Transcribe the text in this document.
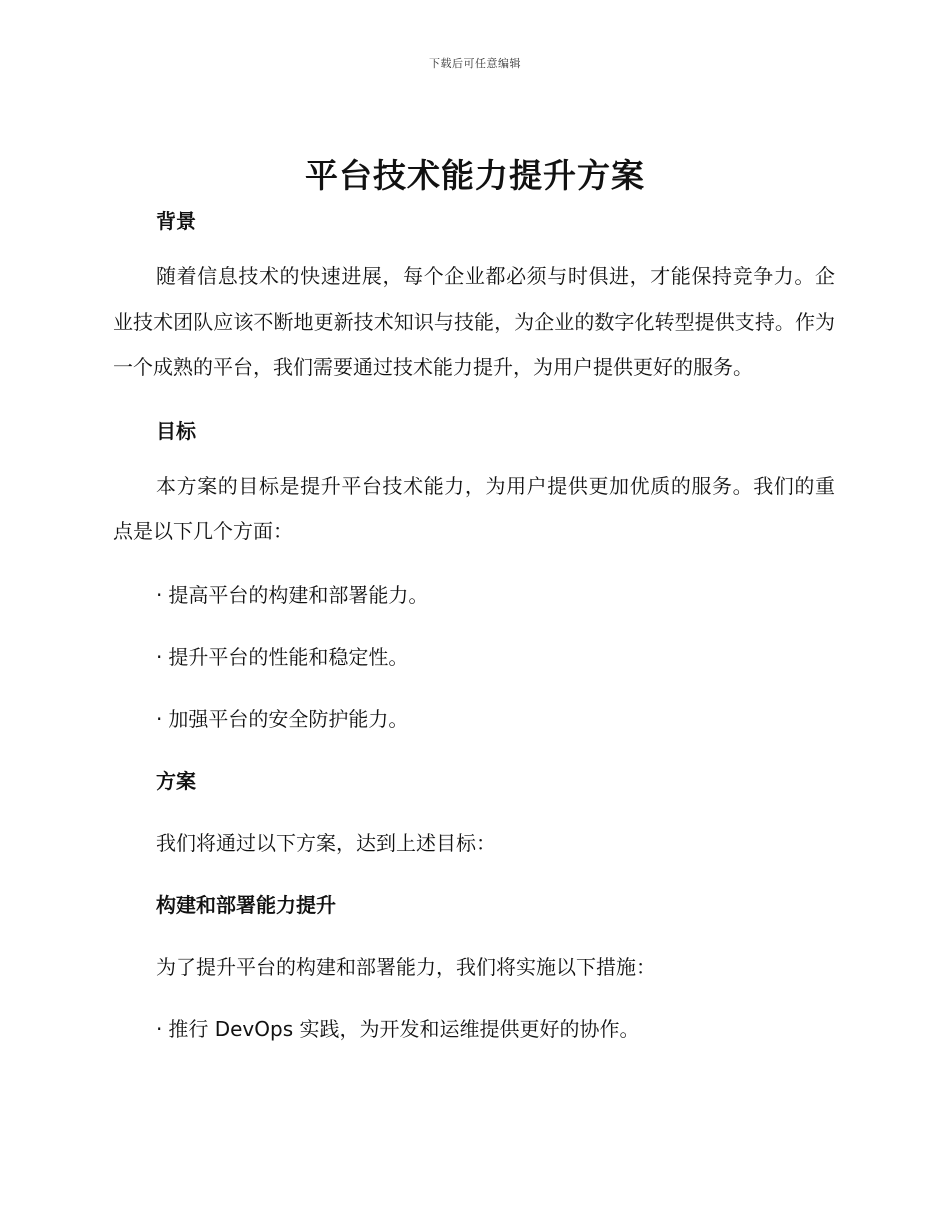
下载后可任意编辑
平台技术能力提升方案
背景

随着信息技术的快速进展，每个企业都必须与时俱进，才能保持竞争力。企业技术团队应该不断地更新技术知识与技能，为企业的数字化转型提供支持。作为一个成熟的平台，我们需要通过技术能力提升，为用户提供更好的服务。

目标

本方案的目标是提升平台技术能力，为用户提供更加优质的服务。我们的重点是以下几个方面：

· 提高平台的构建和部署能力。
· 提升平台的性能和稳定性。
· 加强平台的安全防护能力。
方案
我们将通过以下方案，达到上述目标：
构建和部署能力提升
为了提升平台的构建和部署能力，我们将实施以下措施：
· 推行 DevOps 实践，为开发和运维提供更好的协作。
